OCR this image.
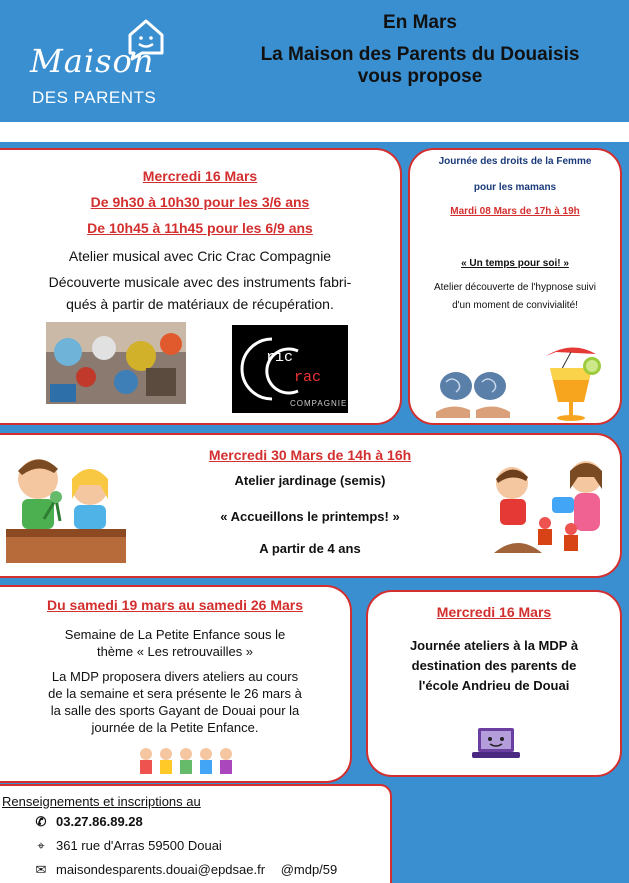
Maison
DES PARENTS
En Mars
La Maison des Parents du Douaisis
vous propose
Mercredi 16 Mars
De 9h30 à 10h30 pour les 3/6 ans
De 10h45 à 11h45 pour les 6/9 ans
Atelier musical avec Cric Crac Compagnie
Découverte musicale avec des instruments fabri-
qués à partir de matériaux de récupération.
ric
rac
COMPAGNIE
Journée des droits de la Femme
pour les mamans
Mardi 08 Mars de 17h à 19h
« Un temps pour soi! »
Atelier découverte de l'hypnose suivi
d'un moment de convivialité!
Mercredi 30 Mars de 14h à 16h
Atelier jardinage (semis)
« Accueillons le printemps! »
A partir de 4 ans
Du samedi 19 mars au samedi 26 Mars
Semaine de La Petite Enfance sous le
thème « Les retrouvailles »
La MDP proposera divers ateliers au cours
de la semaine et sera présente le 26 mars à
la salle des sports Gayant de Douai pour la
journée de la Petite Enfance.
Mercredi 16 Mars
Journée ateliers à la MDP à
destination des parents de
l'école Andrieu de Douai
Renseignements et inscriptions au
✆ 03.27.86.89.28
⌖ 361 rue d'Arras 59500 Douai
✉ maisondesparents.douai@epdsae.fr @mdp/59
